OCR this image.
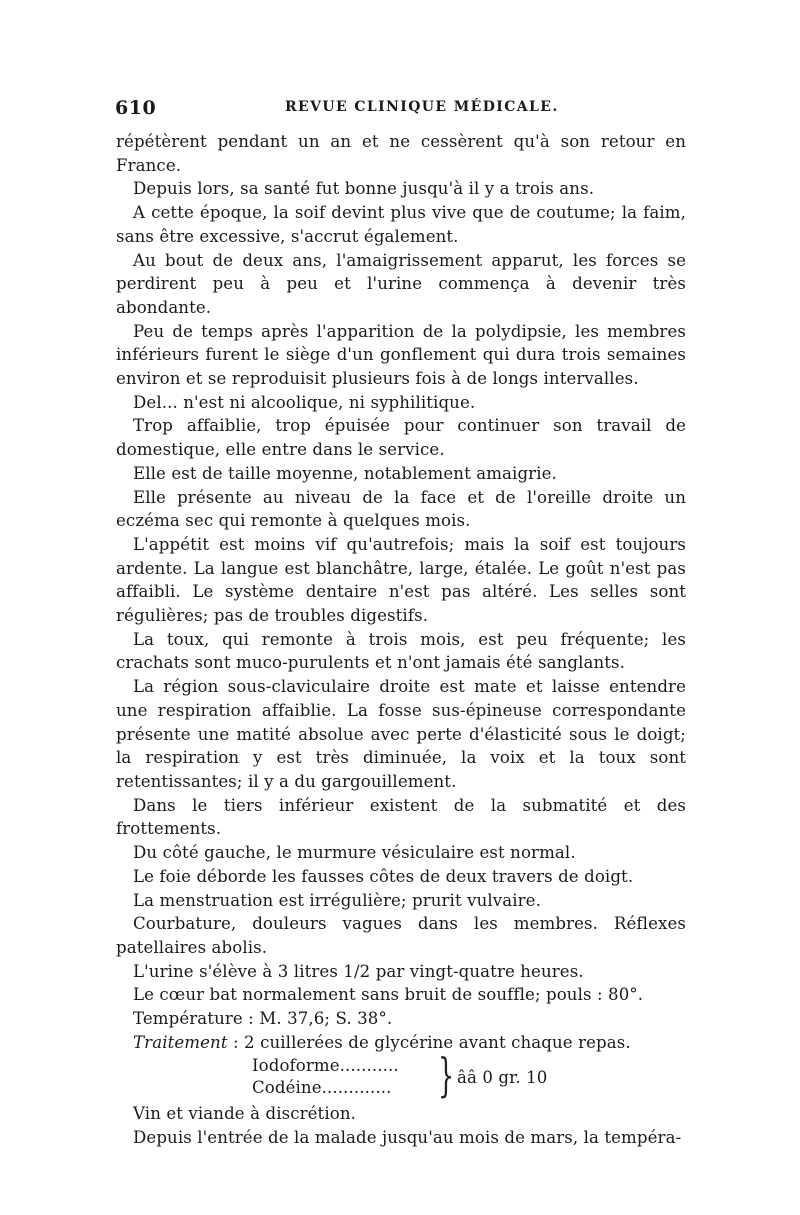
610	REVUE CLINIQUE MÉDICALE.

répétèrent pendant un an et ne cessèrent qu'à son retour en France.

Depuis lors, sa santé fut bonne jusqu'à il y a trois ans.

A cette époque, la soif devint plus vive que de coutume; la faim, sans être excessive, s'accrut également.

Au bout de deux ans, l'amaigrissement apparut, les forces se perdirent peu à peu et l'urine commença à devenir très abondante.

Peu de temps après l'apparition de la polydipsie, les membres inférieurs furent le siège d'un gonflement qui dura trois semaines environ et se reproduisit plusieurs fois à de longs intervalles.

Del... n'est ni alcoolique, ni syphilitique.

Trop affaiblie, trop épuisée pour continuer son travail de domestique, elle entre dans le service.

Elle est de taille moyenne, notablement amaigrie.

Elle présente au niveau de la face et de l'oreille droite un eczéma sec qui remonte à quelques mois.

L'appétit est moins vif qu'autrefois; mais la soif est toujours ardente. La langue est blanchâtre, large, étalée. Le goût n'est pas affaibli. Le système dentaire n'est pas altéré. Les selles sont régulières; pas de troubles digestifs.

La toux, qui remonte à trois mois, est peu fréquente; les crachats sont muco-purulents et n'ont jamais été sanglants.

La région sous-claviculaire droite est mate et laisse entendre une respiration affaiblie. La fosse sus-épineuse correspondante présente une matité absolue avec perte d'élasticité sous le doigt; la respiration y est très diminuée, la voix et la toux sont retentissantes; il y a du gargouillement.

Dans le tiers inférieur existent de la submatité et des frottements.

Du côté gauche, le murmure vésiculaire est normal.

Le foie déborde les fausses côtes de deux travers de doigt.

La menstruation est irrégulière; prurit vulvaire.

Courbature, douleurs vagues dans les membres. Réflexes patellaires abolis.

L'urine s'élève à 3 litres 1/2 par vingt-quatre heures.

Le cœur bat normalement sans bruit de souffle; pouls : 80°.

Température : M. 37,6; S. 38°.

Traitement : 2 cuillerées de glycérine avant chaque repas.

Iodoforme...........
Codéine............. } ââ 0 gr. 10

Vin et viande à discrétion.

Depuis l'entrée de la malade jusqu'au mois de mars, la tempéra-
